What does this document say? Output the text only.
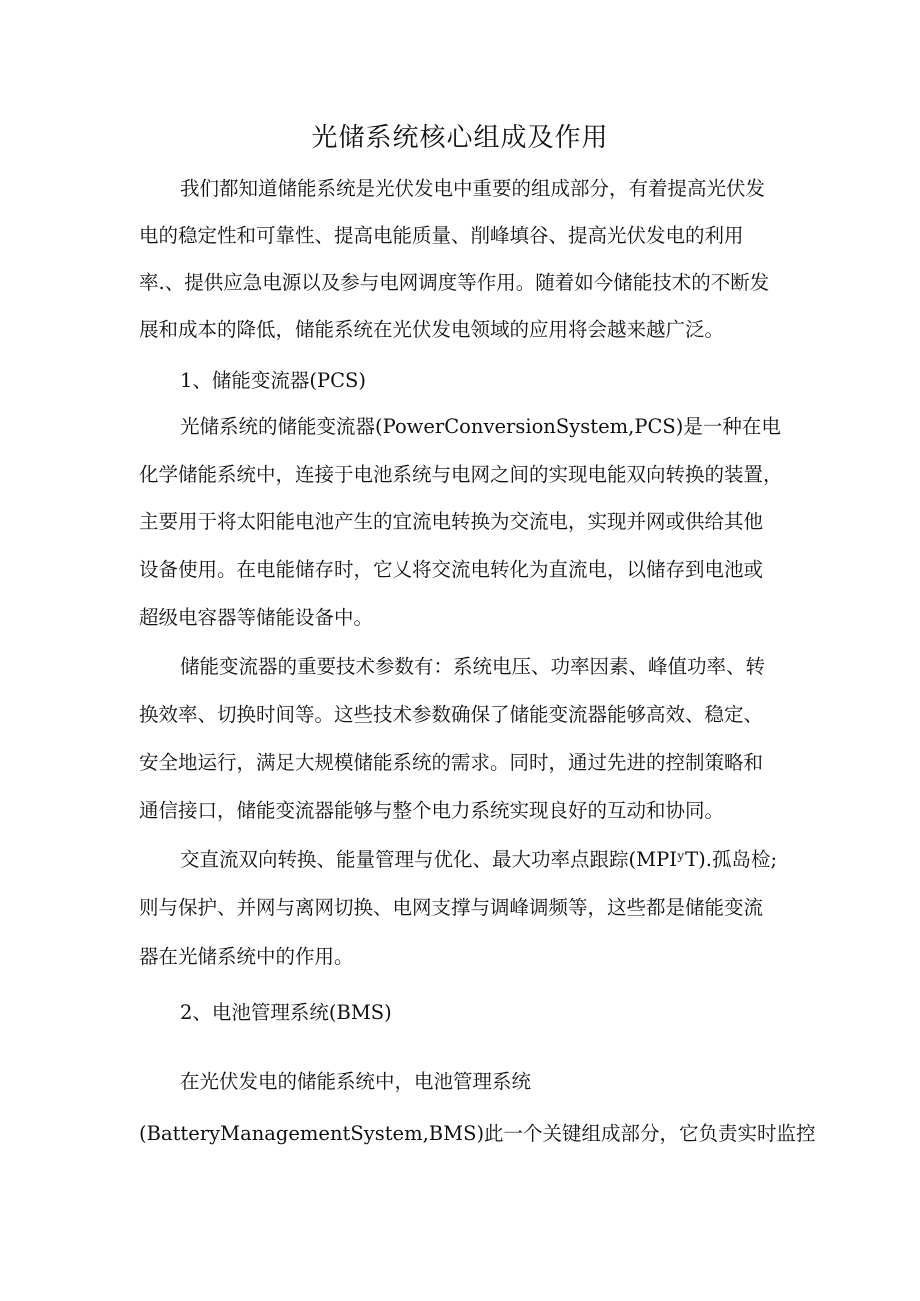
光储系统核心组成及作用

我们都知道储能系统是光伏发电中重要的组成部分，有着提高光伏发

电的稳定性和可靠性、提高电能质量、削峰填谷、提高光伏发电的利用

率.、提供应急电源以及参与电网调度等作用。随着如今储能技术的不断发

展和成本的降低，储能系统在光伏发电领域的应用将会越来越广泛。

1、储能变流器(PCS)

光储系统的储能变流器(PowerConversionSystem,PCS)是一种在电

化学储能系统中，连接于电池系统与电网之间的实现电能双向转换的装置，

主要用于将太阳能电池产生的宜流电转换为交流电，实现并网或供给其他

设备使用。在电能储存时，它乂将交流电转化为直流电，以储存到电池或

超级电容器等储能设备中。

储能变流器的重要技术参数有：系统电压、功率因素、峰值功率、转

换效率、切换时间等。这些技术参数确保了储能变流器能够高效、稳定、

安全地运行，满足大规模储能系统的需求。同时，通过先进的控制策略和

通信接口，储能变流器能够与整个电力系统实现良好的互动和协同。

交直流双向转换、能量管理与优化、最大功率点跟踪(MPIʸT).孤岛检;

则与保护、并网与离网切换、电网支撑与调峰调频等，这些都是储能变流

器在光储系统中的作用。

2、电池管理系统(BMS)

在光伏发电的储能系统中，电池管理系统

(BatteryManagementSystem,BMS)此一个关键组成部分，它负责实时监控
